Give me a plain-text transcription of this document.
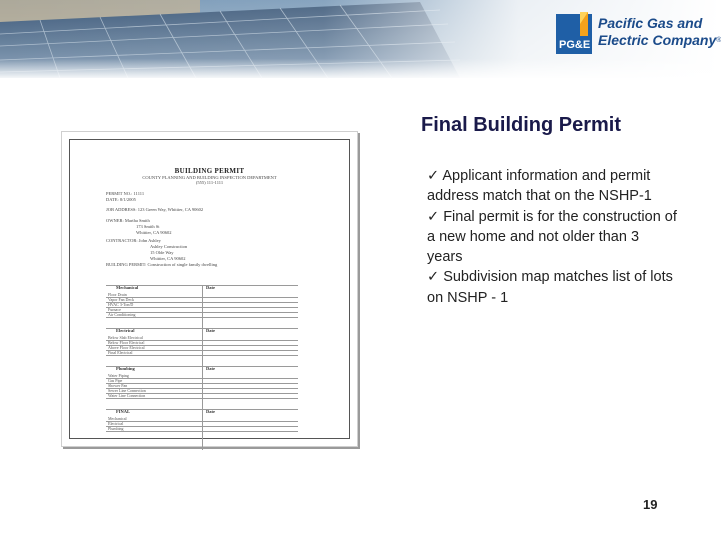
PG&E
Pacific Gas and
Electric Company®
BUILDING PERMIT
COUNTY PLANNING AND BUILDING INSPECTION DEPARTMENT
(555) 111-1111
PERMIT NO.: 11111
DATE: 8/1/2005
JOB ADDRESS: 123 Green Way, Whittier, CA 90602
OWNER: Martha Smith
173 Smith St
Whittier, CA 90602
CONTRACTOR: John Ashley
Ashley Construction
15 Olde Way
Whittier, CA 90602
BUILDING PERMIT: Construction of single family dwelling
Mechanical	Date
Floor Drain
Vapor Fan Deck
HVAC 3-Ton/D
Furnace
Air Conditioning
Electrical	Date
Below Slab Electrical
Below Floor Electrical
Above Floor Electrical
Final Electrical
Plumbing	Date
Water Piping
Gas Pipe
Shower Pan
Sewer Line Connection
Water Line Connection
FINAL	Date
Mechanical
Electrical
Plumbing
Final Building Permit
✓ Applicant information and permit address match that on the NSHP-1
✓ Final permit is for the construction of a new home and not older than 3 years
✓ Subdivision map matches list of lots on NSHP - 1
19
